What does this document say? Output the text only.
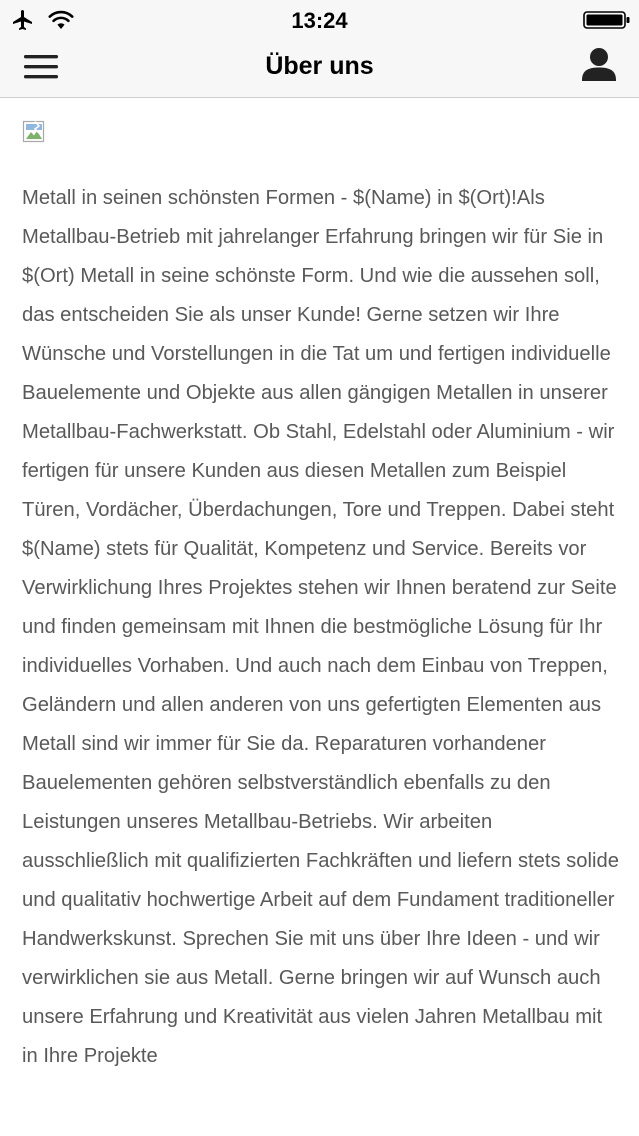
13:24
Über uns

Metall in seinen schönsten Formen - $(Name) in $(Ort)!Als Metallbau-Betrieb mit jahrelanger Erfahrung bringen wir für Sie in $(Ort) Metall in seine schönste Form. Und wie die aussehen soll, das entscheiden Sie als unser Kunde! Gerne setzen wir Ihre Wünsche und Vorstellungen in die Tat um und fertigen individuelle Bauelemente und Objekte aus allen gängigen Metallen in unserer Metallbau-Fachwerkstatt. Ob Stahl, Edelstahl oder Aluminium - wir fertigen für unsere Kunden aus diesen Metallen zum Beispiel Türen, Vordächer, Überdachungen, Tore und Treppen. Dabei steht $(Name) stets für Qualität, Kompetenz und Service. Bereits vor Verwirklichung Ihres Projektes stehen wir Ihnen beratend zur Seite und finden gemeinsam mit Ihnen die bestmögliche Lösung für Ihr individuelles Vorhaben. Und auch nach dem Einbau von Treppen, Geländern und allen anderen von uns gefertigten Elementen aus Metall sind wir immer für Sie da. Reparaturen vorhandener Bauelementen gehören selbstverständlich ebenfalls zu den Leistungen unseres Metallbau-Betriebs. Wir arbeiten ausschließlich mit qualifizierten Fachkräften und liefern stets solide und qualitativ hochwertige Arbeit auf dem Fundament traditioneller Handwerkskunst. Sprechen Sie mit uns über Ihre Ideen - und wir verwirklichen sie aus Metall. Gerne bringen wir auf Wunsch auch unsere Erfahrung und Kreativität aus vielen Jahren Metallbau mit in Ihre Projekte
